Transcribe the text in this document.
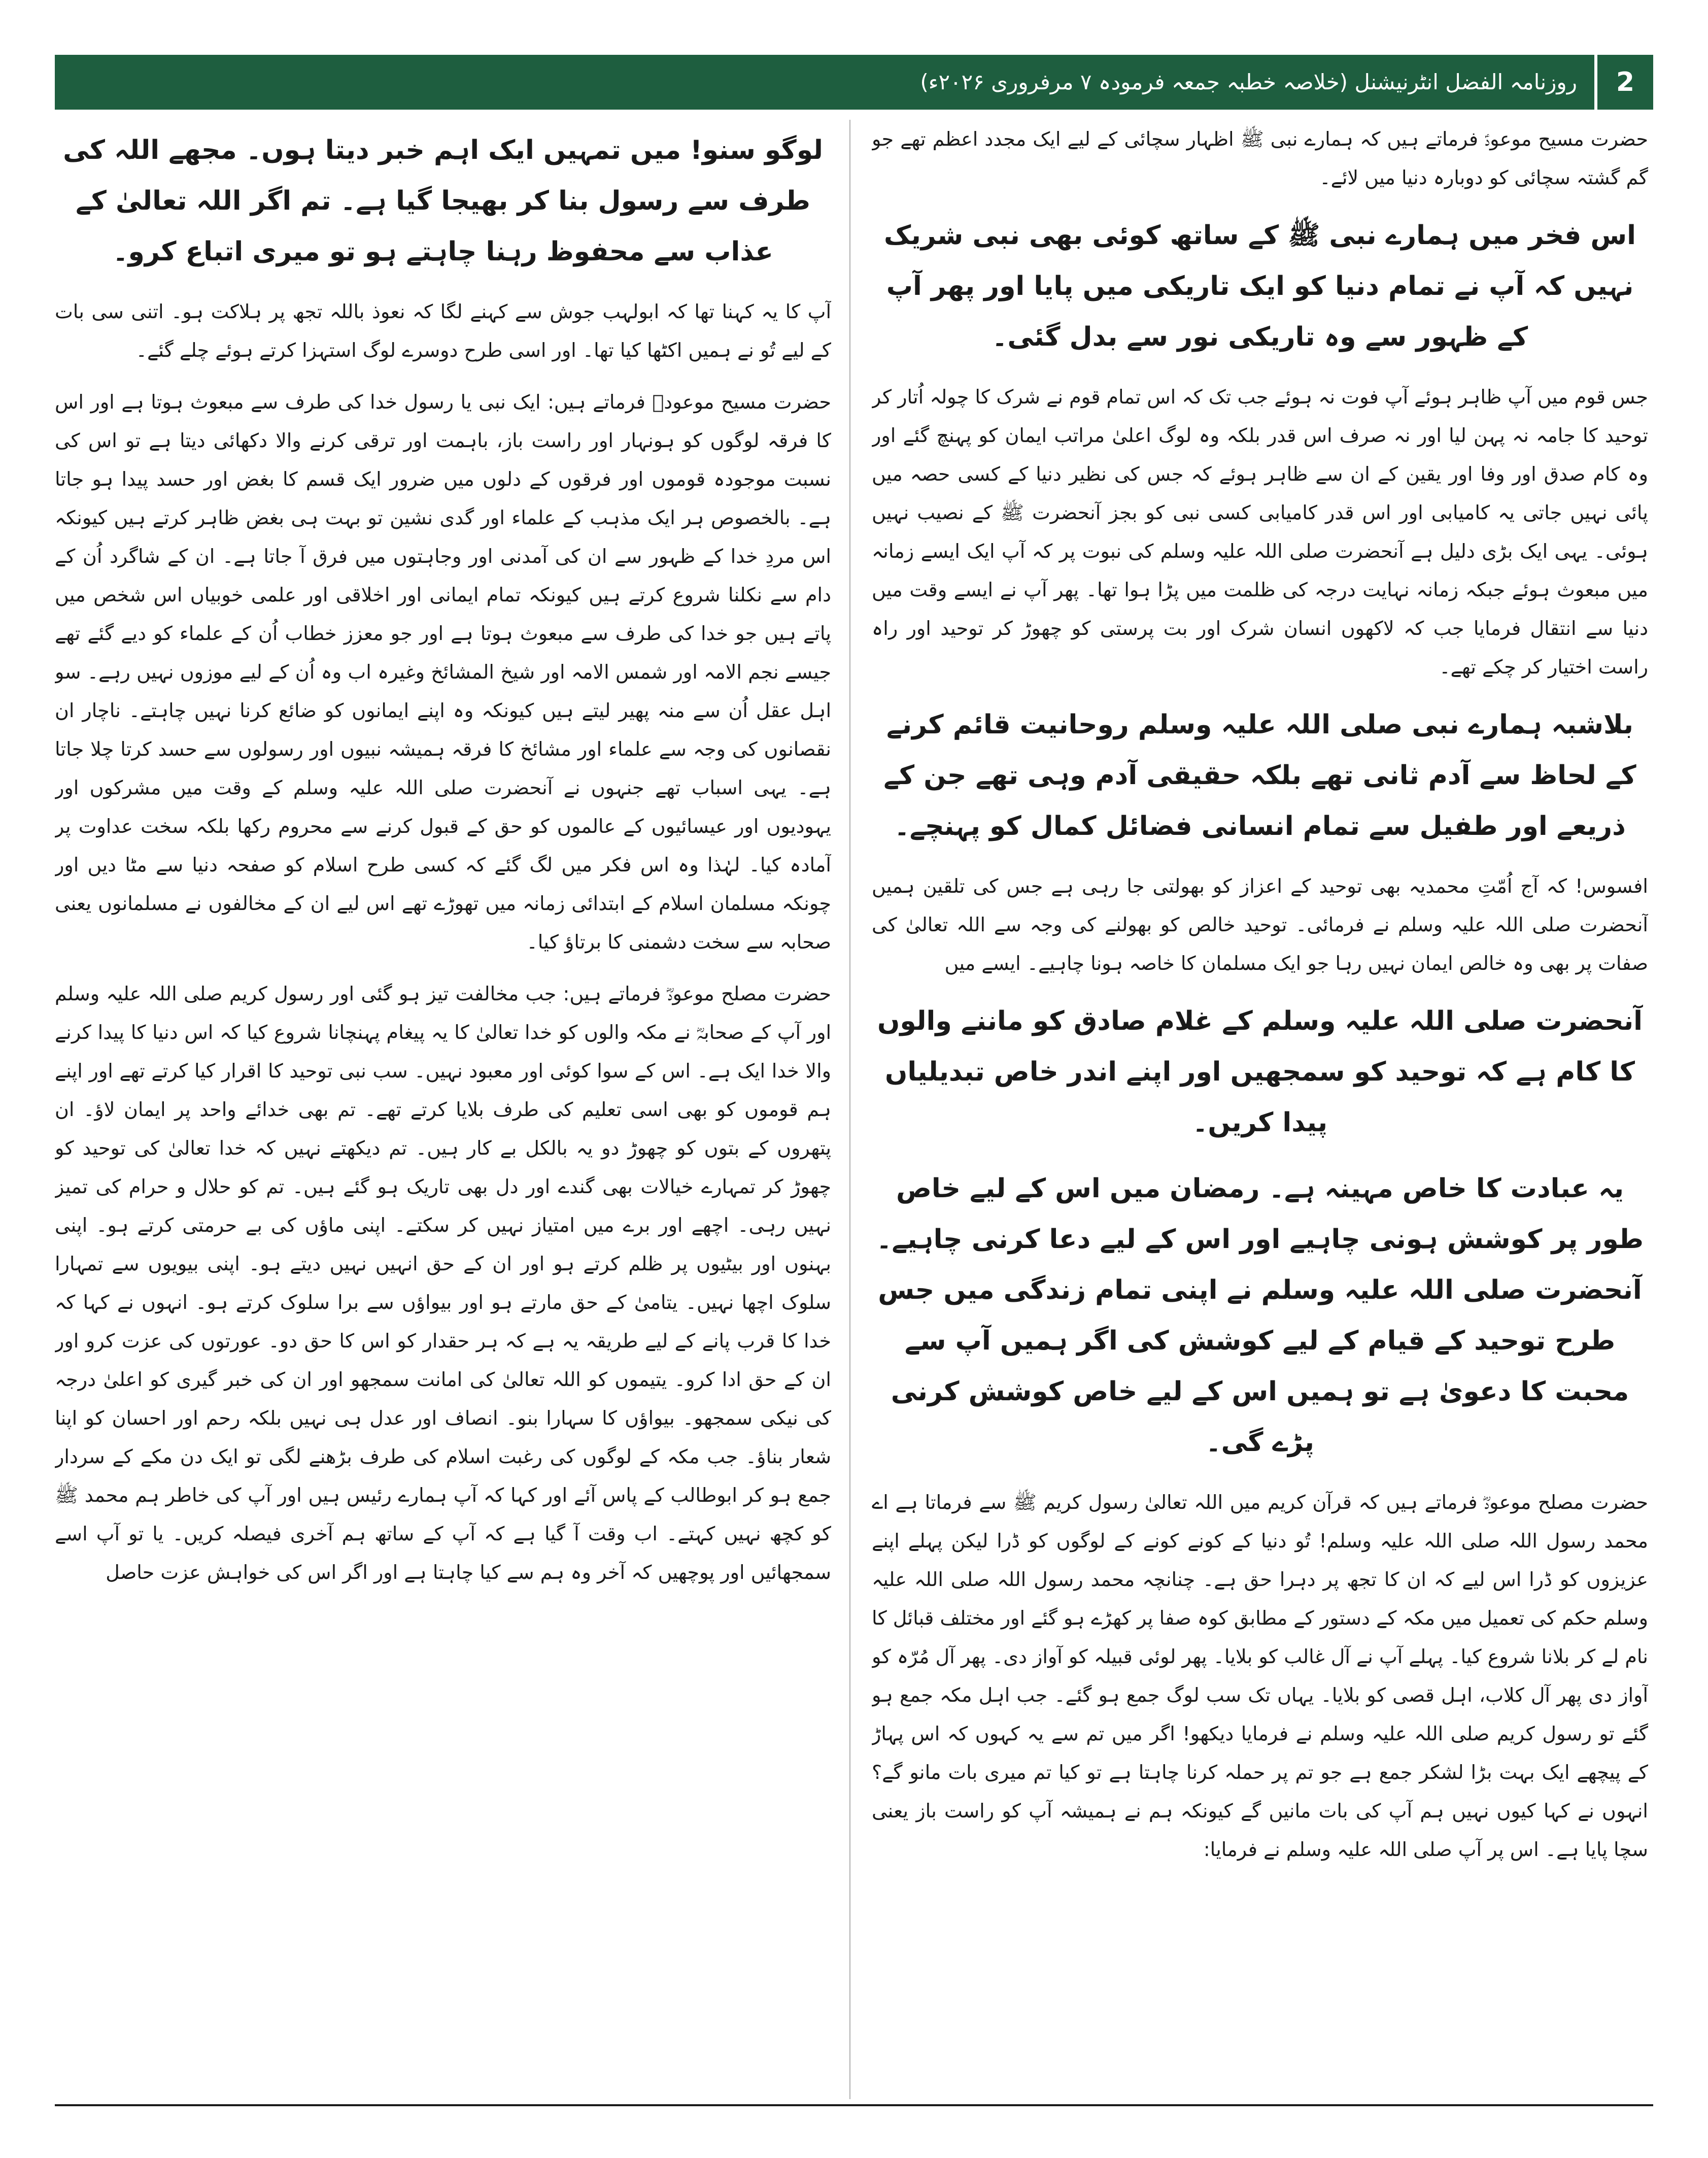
روزنامہ الفضل انٹرنیشنل (خلاصہ خطبہ جمعہ فرمودہ ۷ مرفروری ۲۰۲۶ء)	2

حضرت مسیح موعودؑ فرماتے ہیں کہ ہمارے نبی ﷺ اظہار سچائی کے لیے ایک مجدد اعظم تھے جو گم گشتہ سچائی کو دوبارہ دنیا میں لائے۔

اس فخر میں ہمارے نبی ﷺ کے ساتھ کوئی بھی نبی شریک نہیں کہ آپ نے تمام دنیا کو ایک تاریکی میں پایا اور پھر آپ کے ظہور سے وہ تاریکی نور سے بدل گئی۔

جس قوم میں آپ ظاہر ہوئے آپ فوت نہ ہوئے جب تک کہ اس تمام قوم نے شرک کا چولہ اُتار کر توحید کا جامہ نہ پہن لیا اور نہ صرف اس قدر بلکہ وہ لوگ اعلیٰ مراتب ایمان کو پہنچ گئے اور وہ کام صدق اور وفا اور یقین کے ان سے ظاہر ہوئے کہ جس کی نظیر دنیا کے کسی حصہ میں پائی نہیں جاتی یہ کامیابی اور اس قدر کامیابی کسی نبی کو بجز آنحضرت ﷺ کے نصیب نہیں ہوئی۔ یہی ایک بڑی دلیل ہے آنحضرت صلی اللہ علیہ وسلم کی نبوت پر کہ آپ ایک ایسے زمانہ میں مبعوث ہوئے جبکہ زمانہ نہایت درجہ کی ظلمت میں پڑا ہوا تھا۔ پھر آپ نے ایسے وقت میں دنیا سے انتقال فرمایا جب کہ لاکھوں انسان شرک اور بت پرستی کو چھوڑ کر توحید اور راہ راست اختیار کر چکے تھے۔

بلاشبہ ہمارے نبی صلی اللہ علیہ وسلم روحانیت قائم کرنے کے لحاظ سے آدم ثانی تھے بلکہ حقیقی آدم وہی تھے جن کے ذریعے اور طفیل سے تمام انسانی فضائل کمال کو پہنچے۔

افسوس! کہ آج اُمّتِ محمدیہ بھی توحید کے اعزاز کو بھولتی جا رہی ہے جس کی تلقین ہمیں آنحضرت صلی اللہ علیہ وسلم نے فرمائی۔ توحید خالص کو بھولنے کی وجہ سے اللہ تعالیٰ کی صفات پر بھی وہ خالص ایمان نہیں رہا جو ایک مسلمان کا خاصہ ہونا چاہیے۔ ایسے میں

آنحضرت صلی اللہ علیہ وسلم کے غلام صادق کو ماننے والوں کا کام ہے کہ توحید کو سمجھیں اور اپنے اندر خاص تبدیلیاں پیدا کریں۔

یہ عبادت کا خاص مہینہ ہے۔ رمضان میں اس کے لیے خاص طور پر کوشش ہونی چاہیے اور اس کے لیے دعا کرنی چاہیے۔ آنحضرت صلی اللہ علیہ وسلم نے اپنی تمام زندگی میں جس طرح توحید کے قیام کے لیے کوشش کی اگر ہمیں آپ سے محبت کا دعویٰ ہے تو ہمیں اس کے لیے خاص کوشش کرنی پڑے گی۔

حضرت مصلح موعودؓ فرماتے ہیں کہ قرآن کریم میں اللہ تعالیٰ رسول کریم ﷺ سے فرماتا ہے اے محمد رسول اللہ صلی اللہ علیہ وسلم! تُو دنیا کے کونے کونے کے لوگوں کو ڈرا لیکن پہلے اپنے عزیزوں کو ڈرا اس لیے کہ ان کا تجھ پر دہرا حق ہے۔ چنانچہ محمد رسول اللہ صلی اللہ علیہ وسلم حکم کی تعمیل میں مکہ کے دستور کے مطابق کوہ صفا پر کھڑے ہو گئے اور مختلف قبائل کا نام لے کر بلانا شروع کیا۔ پہلے آپ نے آل غالب کو بلایا۔ پھر لوئی قبیلہ کو آواز دی۔ پھر آل مُرّہ کو آواز دی پھر آل کلاب، اہل قصی کو بلایا۔ یہاں تک سب لوگ جمع ہو گئے۔ جب اہل مکہ جمع ہو گئے تو رسول کریم صلی اللہ علیہ وسلم نے فرمایا دیکھو! اگر میں تم سے یہ کہوں کہ اس پہاڑ کے پیچھے ایک بہت بڑا لشکر جمع ہے جو تم پر حملہ کرنا چاہتا ہے تو کیا تم میری بات مانو گے؟ انہوں نے کہا کیوں نہیں ہم آپ کی بات مانیں گے کیونکہ ہم نے ہمیشہ آپ کو راست باز یعنی سچا پایا ہے۔ اس پر آپ صلی اللہ علیہ وسلم نے فرمایا:

لوگو سنو! میں تمہیں ایک اہم خبر دیتا ہوں۔ مجھے اللہ کی طرف سے رسول بنا کر بھیجا گیا ہے۔ تم اگر اللہ تعالیٰ کے عذاب سے محفوظ رہنا چاہتے ہو تو میری اتباع کرو۔

آپ کا یہ کہنا تھا کہ ابولہب جوش سے کہنے لگا کہ نعوذ باللہ تجھ پر ہلاکت ہو۔ اتنی سی بات کے لیے تُو نے ہمیں اکٹھا کیا تھا۔ اور اسی طرح دوسرے لوگ استہزا کرتے ہوئے چلے گئے۔

حضرت مسیح موعودؑ فرماتے ہیں: ایک نبی یا رسول خدا کی طرف سے مبعوث ہوتا ہے اور اس کا فرقہ لوگوں کو ہونہار اور راست باز، باہمت اور ترقی کرنے والا دکھائی دیتا ہے تو اس کی نسبت موجودہ قوموں اور فرقوں کے دلوں میں ضرور ایک قسم کا بغض اور حسد پیدا ہو جاتا ہے۔ بالخصوص ہر ایک مذہب کے علماء اور گدی نشین تو بہت ہی بغض ظاہر کرتے ہیں کیونکہ اس مردِ خدا کے ظہور سے ان کی آمدنی اور وجاہتوں میں فرق آ جاتا ہے۔ ان کے شاگرد اُن کے دام سے نکلنا شروع کرتے ہیں کیونکہ تمام ایمانی اور اخلاقی اور علمی خوبیاں اس شخص میں پاتے ہیں جو خدا کی طرف سے مبعوث ہوتا ہے اور جو معزز خطاب اُن کے علماء کو دیے گئے تھے جیسے نجم الامہ اور شمس الامہ اور شیخ المشائخ وغیرہ اب وہ اُن کے لیے موزوں نہیں رہے۔ سو اہل عقل اُن سے منہ پھیر لیتے ہیں کیونکہ وہ اپنے ایمانوں کو ضائع کرنا نہیں چاہتے۔ ناچار ان نقصانوں کی وجہ سے علماء اور مشائخ کا فرقہ ہمیشہ نبیوں اور رسولوں سے حسد کرتا چلا جاتا ہے۔ یہی اسباب تھے جنہوں نے آنحضرت صلی اللہ علیہ وسلم کے وقت میں مشرکوں اور یہودیوں اور عیسائیوں کے عالموں کو حق کے قبول کرنے سے محروم رکھا بلکہ سخت عداوت پر آمادہ کیا۔ لہٰذا وہ اس فکر میں لگ گئے کہ کسی طرح اسلام کو صفحہ دنیا سے مٹا دیں اور چونکہ مسلمان اسلام کے ابتدائی زمانہ میں تھوڑے تھے اس لیے ان کے مخالفوں نے مسلمانوں یعنی صحابہ سے سخت دشمنی کا برتاؤ کیا۔

حضرت مصلح موعودؓ فرماتے ہیں: جب مخالفت تیز ہو گئی اور رسول کریم صلی اللہ علیہ وسلم اور آپ کے صحابہؓ نے مکہ والوں کو خدا تعالیٰ کا یہ پیغام پہنچانا شروع کیا کہ اس دنیا کا پیدا کرنے والا خدا ایک ہے۔ اس کے سوا کوئی اور معبود نہیں۔ سب نبی توحید کا اقرار کیا کرتے تھے اور اپنے ہم قوموں کو بھی اسی تعلیم کی طرف بلایا کرتے تھے۔ تم بھی خدائے واحد پر ایمان لاؤ۔ ان پتھروں کے بتوں کو چھوڑ دو یہ بالکل بے کار ہیں۔ تم دیکھتے نہیں کہ خدا تعالیٰ کی توحید کو چھوڑ کر تمہارے خیالات بھی گندے اور دل بھی تاریک ہو گئے ہیں۔ تم کو حلال و حرام کی تمیز نہیں رہی۔ اچھے اور برے میں امتیاز نہیں کر سکتے۔ اپنی ماؤں کی بے حرمتی کرتے ہو۔ اپنی بہنوں اور بیٹیوں پر ظلم کرتے ہو اور ان کے حق انہیں نہیں دیتے ہو۔ اپنی بیویوں سے تمہارا سلوک اچھا نہیں۔ یتامیٰ کے حق مارتے ہو اور بیواؤں سے برا سلوک کرتے ہو۔ انہوں نے کہا کہ خدا کا قرب پانے کے لیے طریقہ یہ ہے کہ ہر حقدار کو اس کا حق دو۔ عورتوں کی عزت کرو اور ان کے حق ادا کرو۔ یتیموں کو اللہ تعالیٰ کی امانت سمجھو اور ان کی خبر گیری کو اعلیٰ درجہ کی نیکی سمجھو۔ بیواؤں کا سہارا بنو۔ انصاف اور عدل ہی نہیں بلکہ رحم اور احسان کو اپنا شعار بناؤ۔ جب مکہ کے لوگوں کی رغبت اسلام کی طرف بڑھنے لگی تو ایک دن مکے کے سردار جمع ہو کر ابوطالب کے پاس آئے اور کہا کہ آپ ہمارے رئیس ہیں اور آپ کی خاطر ہم محمد ﷺ کو کچھ نہیں کہتے۔ اب وقت آ گیا ہے کہ آپ کے ساتھ ہم آخری فیصلہ کریں۔ یا تو آپ اسے سمجھائیں اور پوچھیں کہ آخر وہ ہم سے کیا چاہتا ہے اور اگر اس کی خواہش عزت حاصل
